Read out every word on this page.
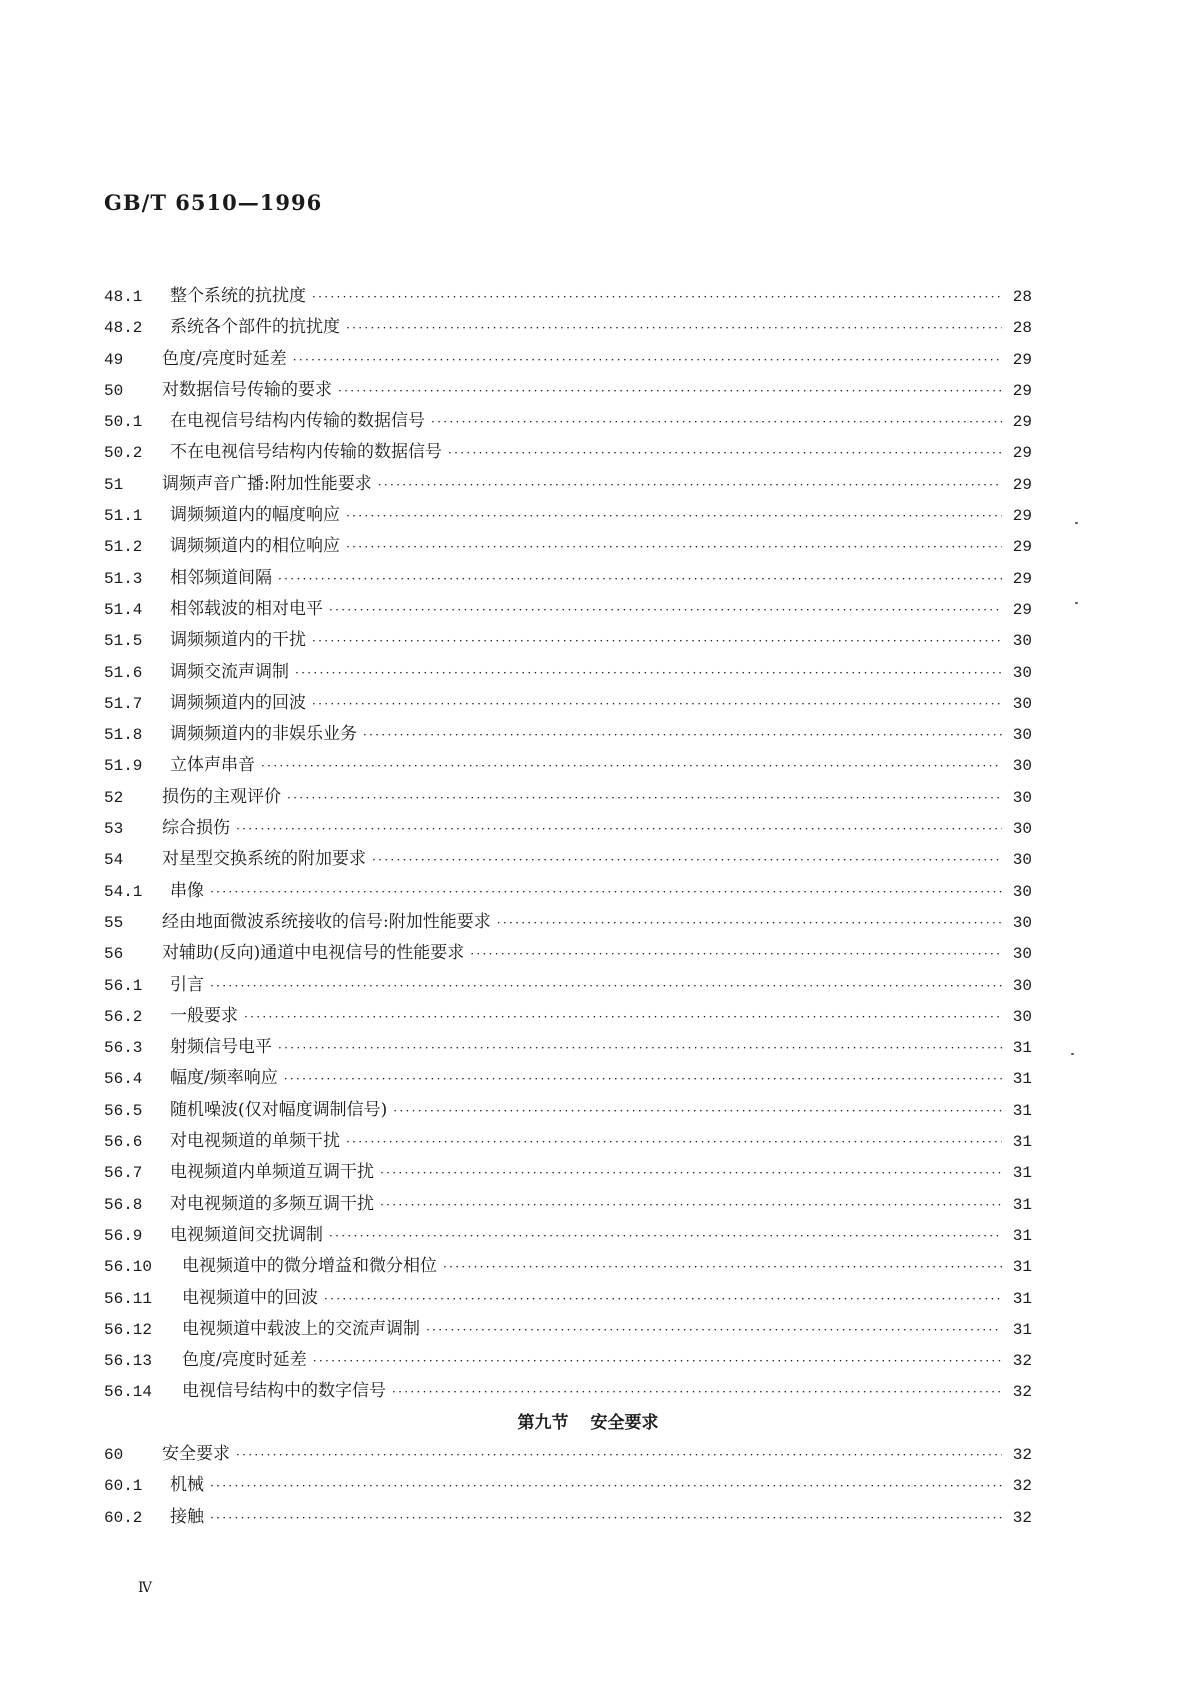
GB/T 6510—1996
48.1	整个系统的抗扰度 ·····	28
48.2	系统各个部件的抗扰度 ·····	28
49	色度/亮度时延差 ·····	29
50	对数据信号传输的要求 ·····	29
50.1	在电视信号结构内传输的数据信号 ·····	29
50.2	不在电视信号结构内传输的数据信号 ·····	29
51	调频声音广播:附加性能要求 ·····	29
51.1	调频频道内的幅度响应 ·····	29
51.2	调频频道内的相位响应 ·····	29
51.3	相邻频道间隔 ·····	29
51.4	相邻载波的相对电平 ·····	29
51.5	调频频道内的干扰 ·····	30
51.6	调频交流声调制 ·····	30
51.7	调频频道内的回波 ·····	30
51.8	调频频道内的非娱乐业务 ·····	30
51.9	立体声串音 ·····	30
52	损伤的主观评价 ·····	30
53	综合损伤 ·····	30
54	对星型交换系统的附加要求 ·····	30
54.1	串像 ·····	30
55	经由地面微波系统接收的信号:附加性能要求 ·····	30
56	对辅助(反向)通道中电视信号的性能要求 ·····	30
56.1	引言 ·····	30
56.2	一般要求 ·····	30
56.3	射频信号电平 ·····	31
56.4	幅度/频率响应 ·····	31
56.5	随机噪波(仅对幅度调制信号) ·····	31
56.6	对电视频道的单频干扰 ·····	31
56.7	电视频道内单频道互调干扰 ·····	31
56.8	对电视频道的多频互调干扰 ·····	31
56.9	电视频道间交扰调制 ·····	31
56.10	电视频道中的微分增益和微分相位 ·····	31
56.11	电视频道中的回波 ·····	31
56.12	电视频道中载波上的交流声调制 ·····	31
56.13	色度/亮度时延差 ·····	32
56.14	电视信号结构中的数字信号 ·····	32
第九节 安全要求
60	安全要求 ·····	32
60.1	机械 ·····	32
60.2	接触 ·····	32
Ⅳ
